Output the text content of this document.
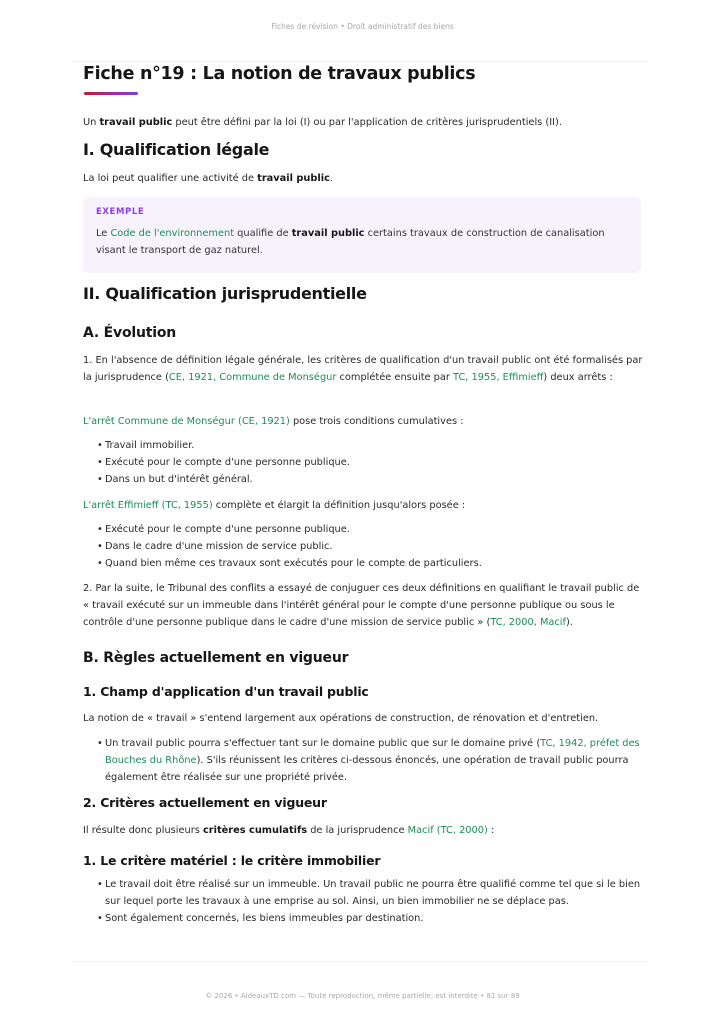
Fiches de révision • Droit administratif des biens
Fiche n°19 : La notion de travaux publics

Un travail public peut être défini par la loi (I) ou par l'application de critères jurisprudentiels (II).

I. Qualification légale

La loi peut qualifier une activité de travail public.

EXEMPLE

Le Code de l'environnement qualifie de travail public certains travaux de construction de canalisation visant le transport de gaz naturel.

II. Qualification jurisprudentielle
A. Évolution

1. En l'absence de définition légale générale, les critères de qualification d'un travail public ont été formalisés par la jurisprudence (CE, 1921, Commune de Monségur complétée ensuite par TC, 1955, Effimieff) deux arrêts :

L'arrêt Commune de Monségur (CE, 1921) pose trois conditions cumulatives :

• Travail immobilier.
• Exécuté pour le compte d'une personne publique.
• Dans un but d'intérêt général.

L'arrêt Effimieff (TC, 1955) complète et élargit la définition jusqu'alors posée :

• Exécuté pour le compte d'une personne publique.
• Dans le cadre d'une mission de service public.
• Quand bien même ces travaux sont exécutés pour le compte de particuliers.

2. Par la suite, le Tribunal des conflits a essayé de conjuguer ces deux définitions en qualifiant le travail public de « travail exécuté sur un immeuble dans l'intérêt général pour le compte d'une personne publique ou sous le contrôle d'une personne publique dans le cadre d'une mission de service public » (TC, 2000, Macif).

B. Règles actuellement en vigueur
1. Champ d'application d'un travail public

La notion de « travail » s'entend largement aux opérations de construction, de rénovation et d'entretien.

• Un travail public pourra s'effectuer tant sur le domaine public que sur le domaine privé (TC, 1942, préfet des Bouches du Rhône). S'ils réunissent les critères ci-dessous énoncés, une opération de travail public pourra également être réalisée sur une propriété privée.
2. Critères actuellement en vigueur

Il résulte donc plusieurs critères cumulatifs de la jurisprudence Macif (TC, 2000) :

1. Le critère matériel : le critère immobilier
• Le travail doit être réalisé sur un immeuble. Un travail public ne pourra être qualifié comme tel que si le bien sur lequel porte les travaux à une emprise au sol. Ainsi, un bien immobilier ne se déplace pas.
• Sont également concernés, les biens immeubles par destination.
© 2026 • AideauxTD.com — Toute reproduction, même partielle, est interdite • 81 sur 89
